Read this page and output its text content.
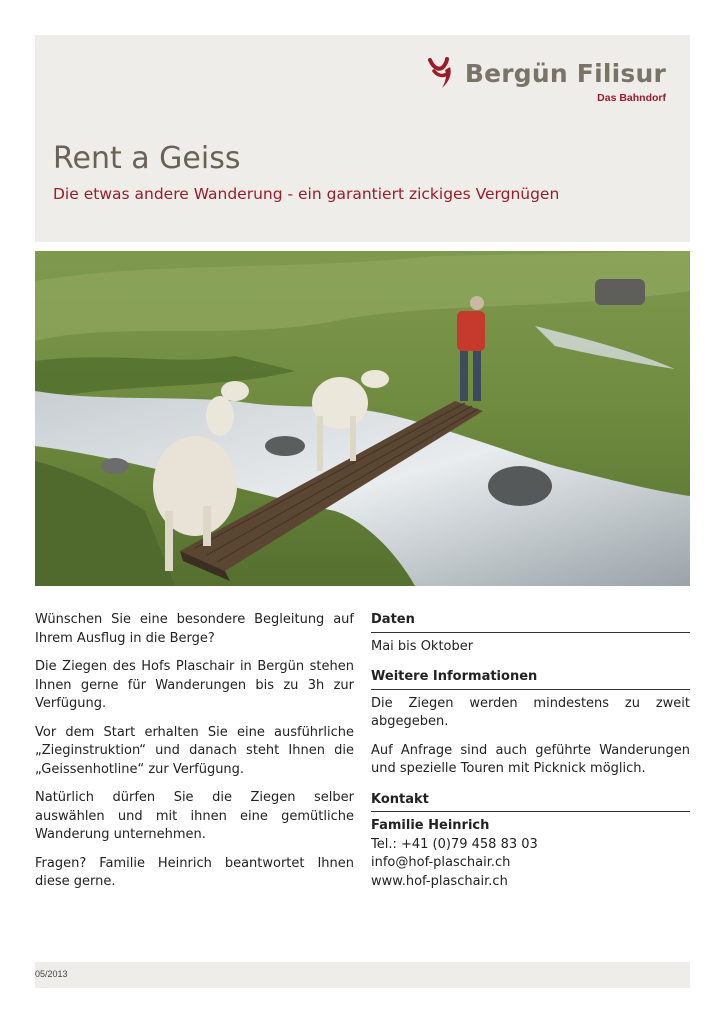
Bergün Filisur
Das Bahndorf
Rent a Geiss
Die etwas andere Wanderung - ein garantiert zickiges Vergnügen

Wünschen Sie eine besondere Begleitung auf Ihrem Ausflug in die Berge?

Die Ziegen des Hofs Plaschair in Bergün stehen Ihnen gerne für Wanderungen bis zu 3h zur Verfügung.

Vor dem Start erhalten Sie eine ausführliche „Zieginstruktion“ und danach steht Ihnen die „Geissenhotline“ zur Verfügung.

Natürlich dürfen Sie die Ziegen selber auswählen und mit ihnen eine gemütliche Wanderung unternehmen.

Fragen? Familie Heinrich beantwortet Ihnen diese gerne.

Daten
Mai bis Oktober
Weitere Informationen

Die Ziegen werden mindestens zu zweit abgegeben.

Auf Anfrage sind auch geführte Wanderungen und spezielle Touren mit Picknick möglich.

Kontakt
Familie Heinrich
Tel.: +41 (0)79 458 83 03
info@hof-plaschair.ch
www.hof-plaschair.ch
05/2013
